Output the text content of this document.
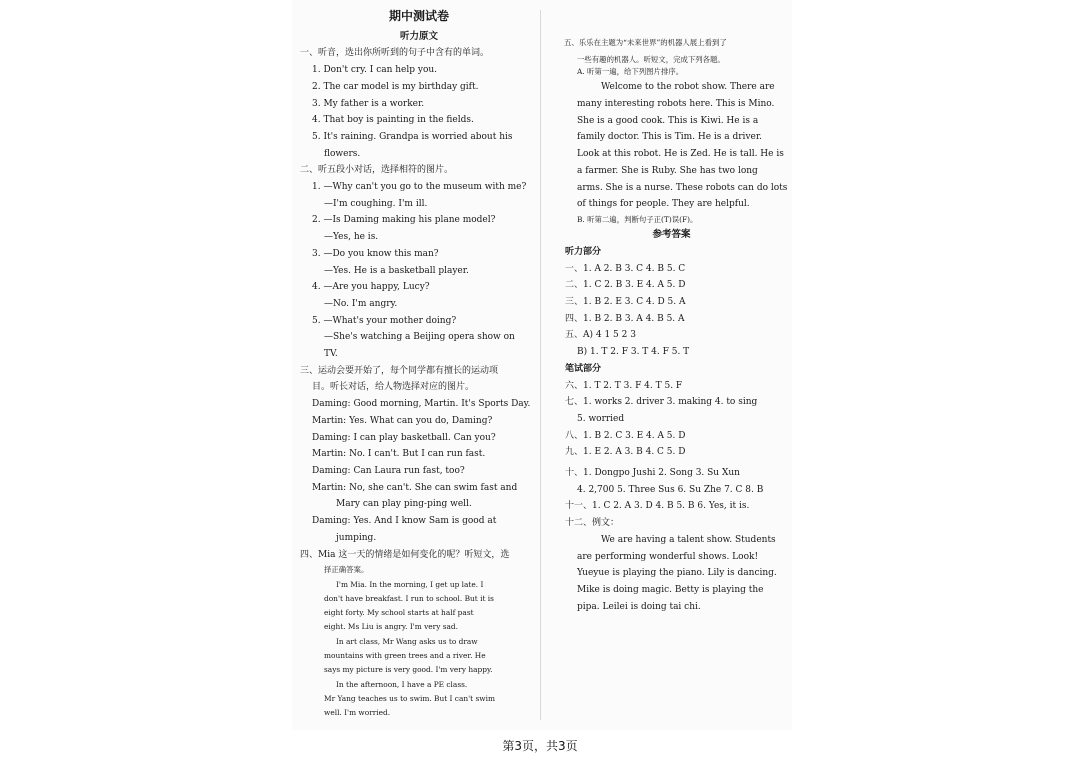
期中测试卷
听力原文
一、听音，选出你所听到的句子中含有的单词。
1. Don't cry. I can help you.
2. The car model is my birthday gift.
3. My father is a worker.
4. That boy is painting in the fields.
5. It's raining. Grandpa is worried about his
flowers.
二、听五段小对话，选择相符的图片。
1. —Why can't you go to the museum with me?
—I'm coughing. I'm ill.
2. —Is Daming making his plane model?
—Yes, he is.
3. —Do you know this man?
—Yes. He is a basketball player.
4. —Are you happy, Lucy?
—No. I'm angry.
5. —What's your mother doing?
—She's watching a Beijing opera show on
TV.
三、运动会要开始了，每个同学都有擅长的运动项
目。听长对话，给人物选择对应的图片。
Daming: Good morning, Martin. It's Sports Day.
Martin: Yes. What can you do, Daming?
Daming: I can play basketball. Can you?
Martin: No. I can't. But I can run fast.
Daming: Can Laura run fast, too?
Martin: No, she can't. She can swim fast and
Mary can play ping-ping well.
Daming: Yes. And I know Sam is good at
jumping.
四、Mia 这一天的情绪是如何变化的呢？听短文，选
择正确答案。
I'm Mia. In the morning, I get up late. I
don't have breakfast. I run to school. But it is
eight forty. My school starts at half past
eight. Ms Liu is angry. I'm very sad.
In art class, Mr Wang asks us to draw
mountains with green trees and a river. He
says my picture is very good. I'm very happy.
In the afternoon, I have a PE class.
Mr Yang teaches us to swim. But I can't swim
well. I'm worried.
五、乐乐在主题为“未来世界”的机器人展上看到了
一些有趣的机器人。听短文，完成下列各题。
A. 听第一遍，给下列图片排序。
Welcome to the robot show. There are
many interesting robots here. This is Mino.
She is a good cook. This is Kiwi. He is a
family doctor. This is Tim. He is a driver.
Look at this robot. He is Zed. He is tall. He is
a farmer. She is Ruby. She has two long
arms. She is a nurse. These robots can do lots
of things for people. They are helpful.
B. 听第二遍，判断句子正(T)误(F)。
参考答案
听力部分
一、1. A 2. B 3. C 4. B 5. C
二、1. C 2. B 3. E 4. A 5. D
三、1. B 2. E 3. C 4. D 5. A
四、1. B 2. B 3. A 4. B 5. A
五、A) 4 1 5 2 3
B) 1. T 2. F 3. T 4. F 5. T
笔试部分
六、1. T 2. T 3. F 4. T 5. F
七、1. works 2. driver 3. making 4. to sing
5. worried
八、1. B 2. C 3. E 4. A 5. D
九、1. E 2. A 3. B 4. C 5. D
十、1. Dongpo Jushi 2. Song 3. Su Xun
4. 2,700 5. Three Sus 6. Su Zhe 7. C 8. B
十一、1. C 2. A 3. D 4. B 5. B 6. Yes, it is.
十二、例文：
We are having a talent show. Students
are performing wonderful shows. Look!
Yueyue is playing the piano. Lily is dancing.
Mike is doing magic. Betty is playing the
pipa. Leilei is doing tai chi.
第3页，共3页
